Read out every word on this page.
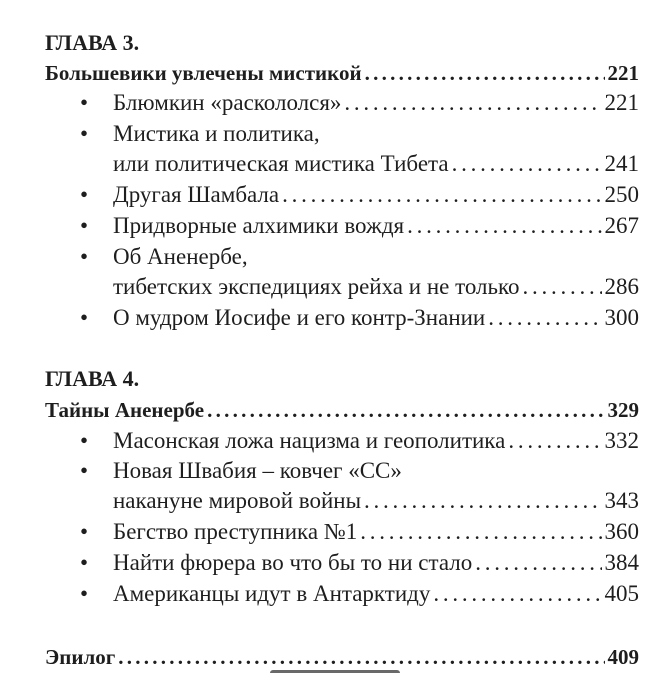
ГЛАВА 3.
Большевики увлечены мистикой . . .	221
• Блюмкин «раскололся» . . .	221
• Мистика и политика,
или политическая мистика Тибета . . .	241
• Другая Шамбала . . .	250
• Придворные алхимики вождя . . .	267
• Об Аненербе,
тибетских экспедициях рейха и не только . . .	286
• О мудром Иосифе и его контр-Знании . . .	300
ГЛАВА 4.
Тайны Аненербе . . .	329
• Масонская ложа нацизма и геополитика . . .	332
• Новая Швабия – ковчег «СС»
накануне мировой войны . . .	343
• Бегство преступника №1 . . .	360
• Найти фюрера во что бы то ни стало . . .	384
• Американцы идут в Антарктиду . . .	405
Эпилог . . .	409
